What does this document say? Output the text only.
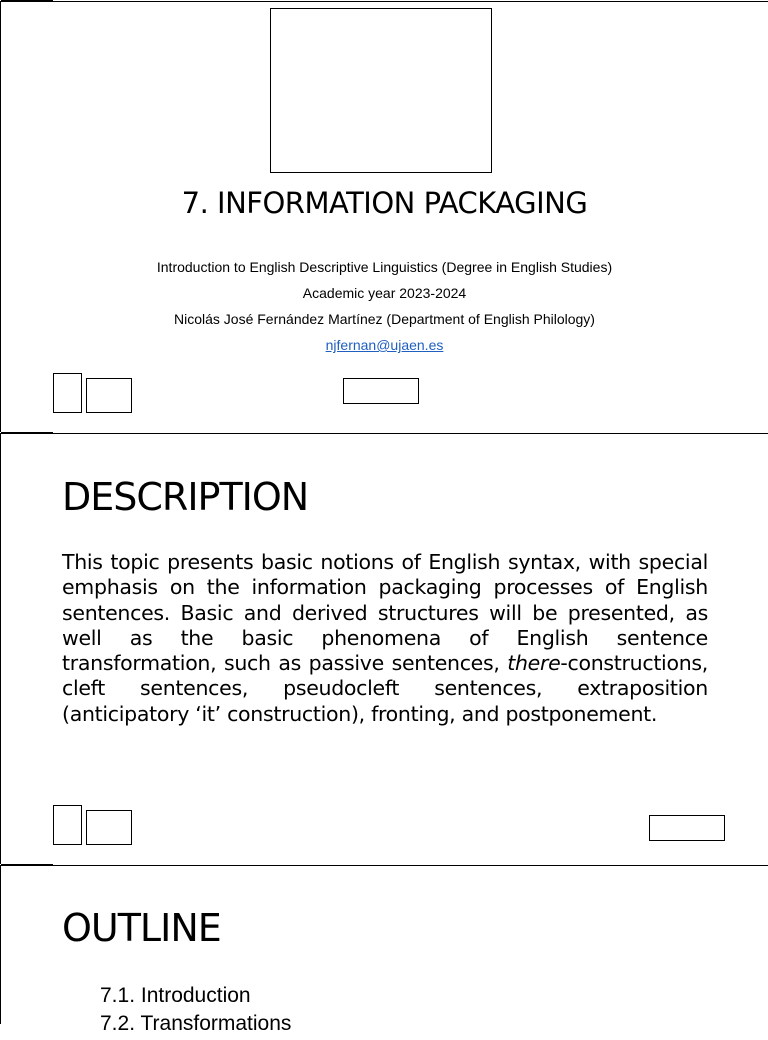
7. INFORMATION PACKAGING
Introduction to English Descriptive Linguistics (Degree in English Studies)
Academic year 2023-2024
Nicolás José Fernández Martínez (Department of English Philology)
njfernan@ujaen.es
DESCRIPTION
This topic presents basic notions of English syntax, with special emphasis on the information packaging processes of English sentences. Basic and derived structures will be presented, as well as the basic phenomena of English sentence transformation, such as passive sentences, there-constructions, cleft sentences, pseudocleft sentences, extraposition (anticipatory ‘it’ construction), fronting, and postponement.
OUTLINE
7.1. Introduction
7.2. Transformations
